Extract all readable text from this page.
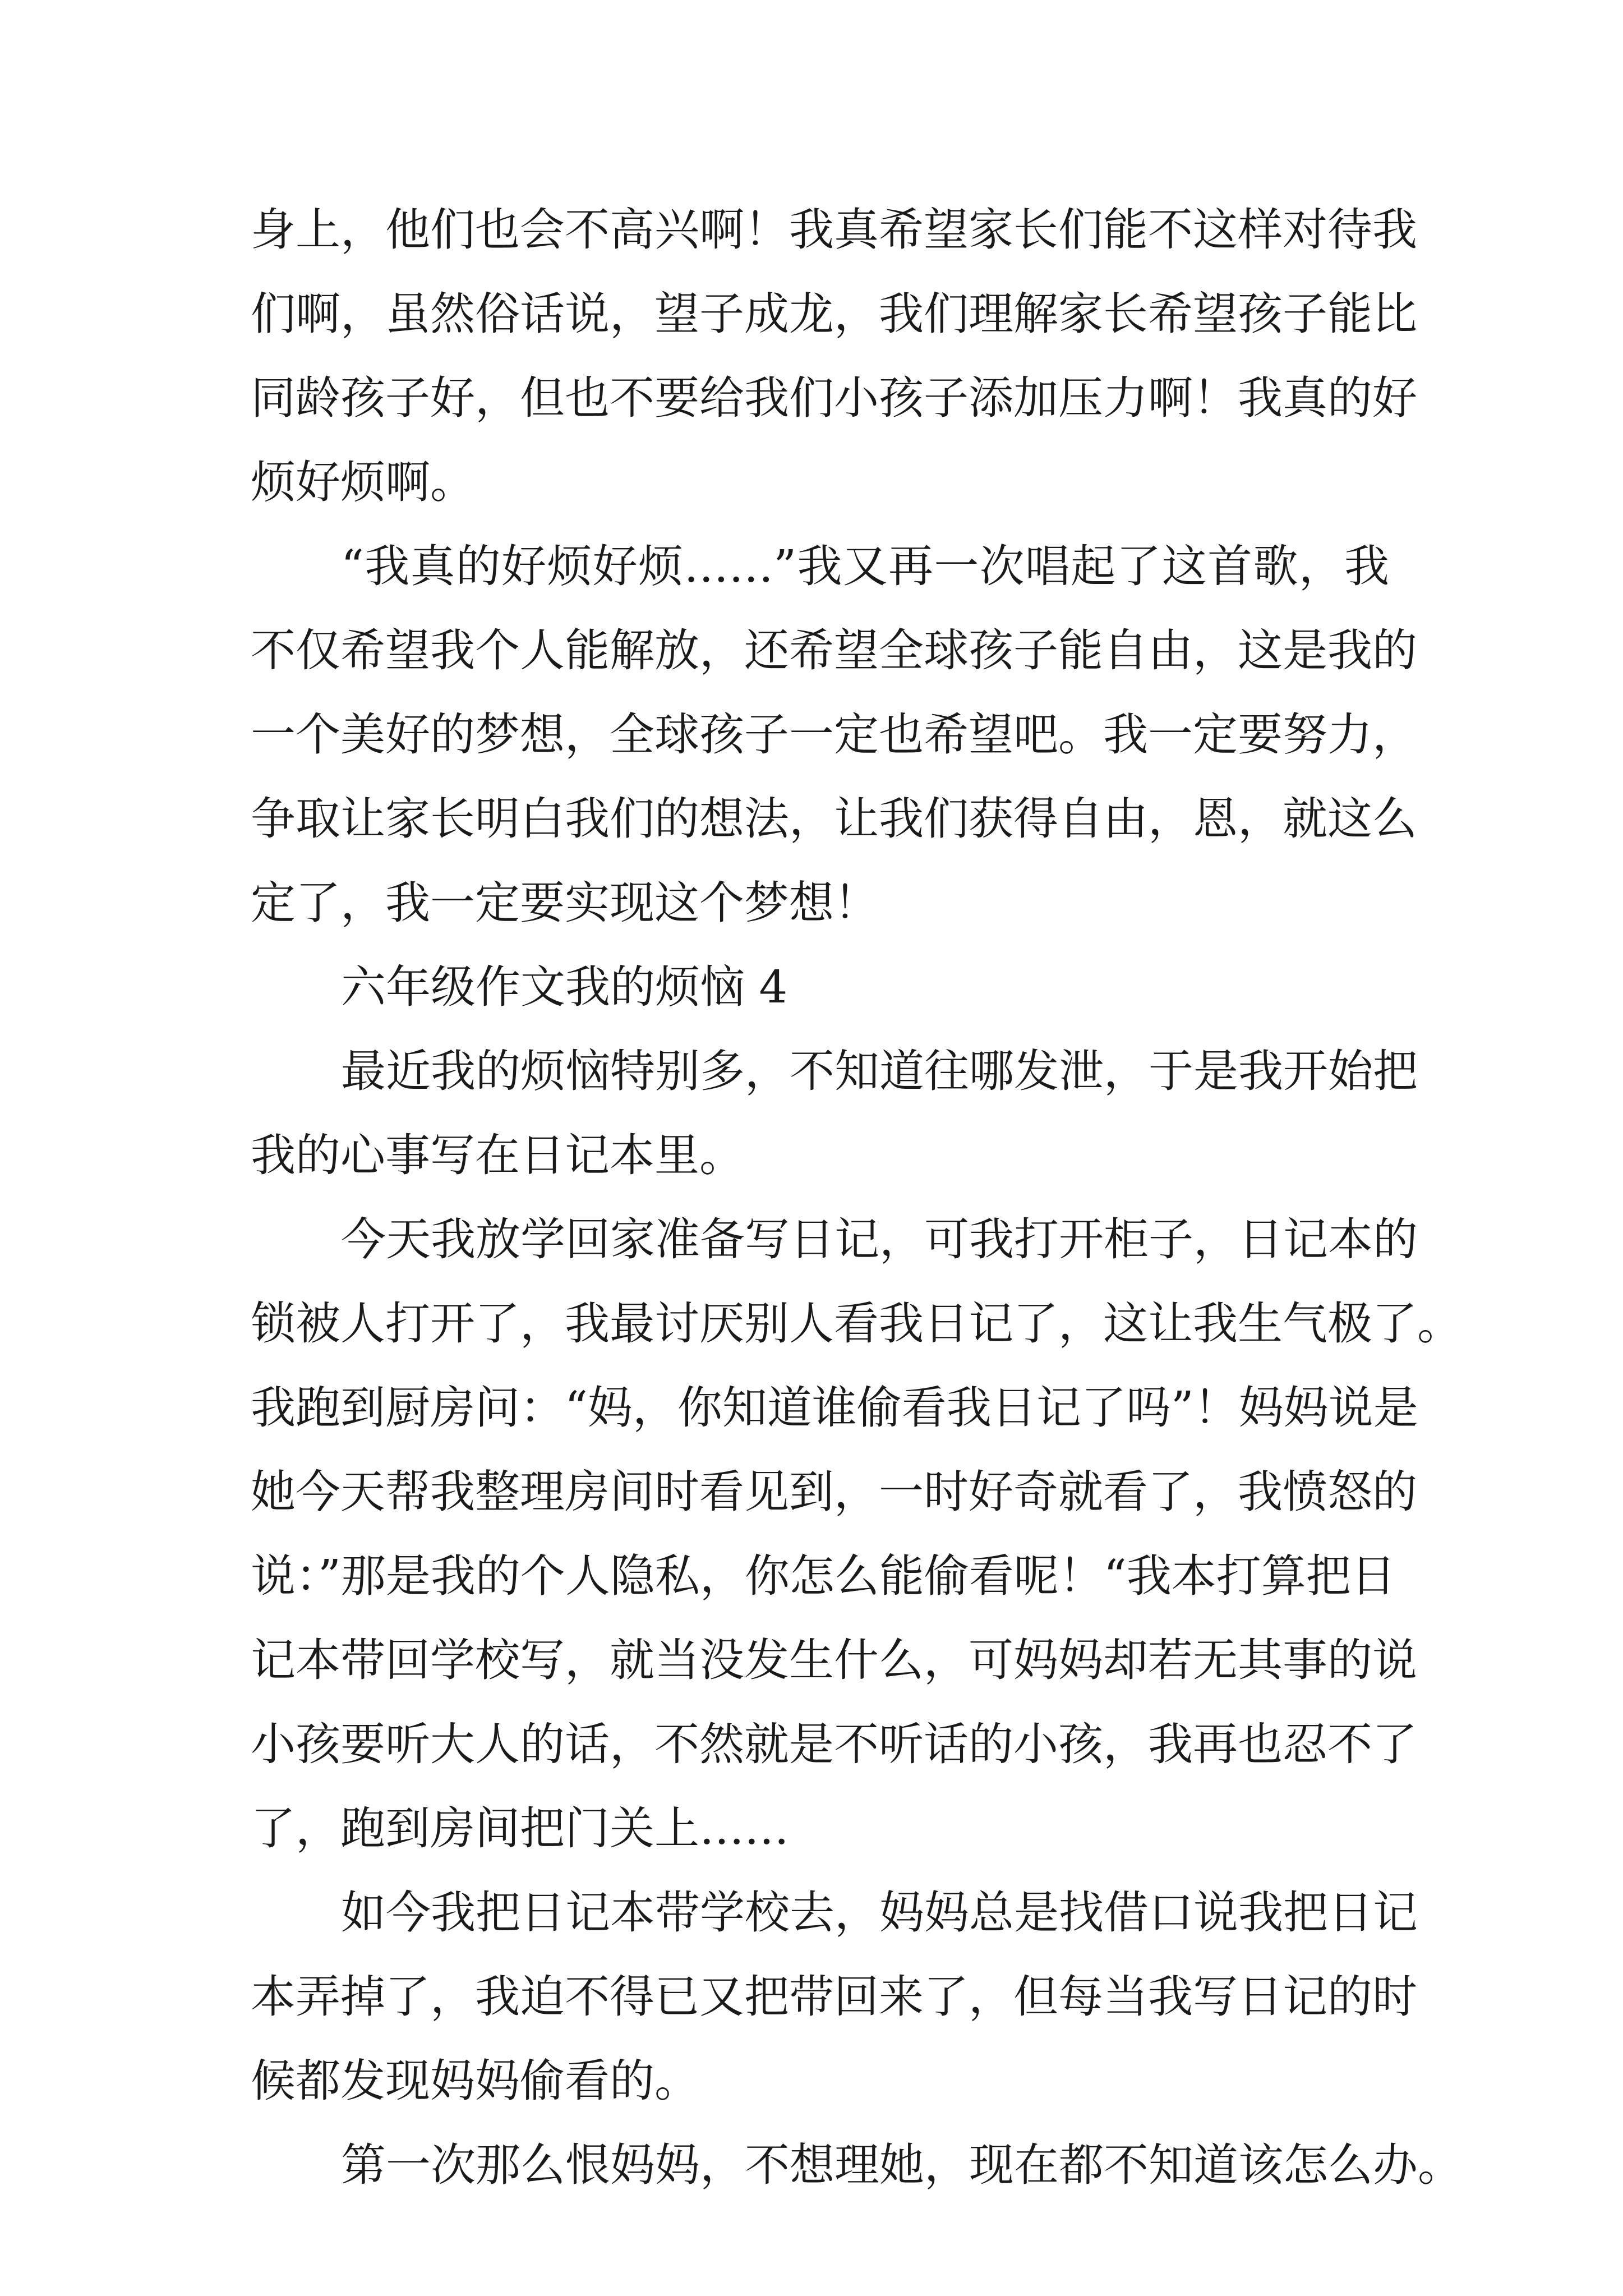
身上，他们也会不高兴啊！我真希望家长们能不这样对待我
们啊，虽然俗话说，望子成龙，我们理解家长希望孩子能比
同龄孩子好，但也不要给我们小孩子添加压力啊！我真的好
烦好烦啊。
“我真的好烦好烦……”我又再一次唱起了这首歌，我
不仅希望我个人能解放，还希望全球孩子能自由，这是我的
一个美好的梦想，全球孩子一定也希望吧。我一定要努力，
争取让家长明白我们的想法，让我们获得自由，恩，就这么
定了，我一定要实现这个梦想！
六年级作文我的烦恼 4
最近我的烦恼特别多，不知道往哪发泄，于是我开始把
我的心事写在日记本里。
今天我放学回家准备写日记，可我打开柜子，日记本的
锁被人打开了，我最讨厌别人看我日记了，这让我生气极了。
我跑到厨房问：“妈，你知道谁偷看我日记了吗”！妈妈说是
她今天帮我整理房间时看见到，一时好奇就看了，我愤怒的
说：”那是我的个人隐私，你怎么能偷看呢！“我本打算把日
记本带回学校写，就当没发生什么，可妈妈却若无其事的说
小孩要听大人的话，不然就是不听话的小孩，我再也忍不了
了，跑到房间把门关上……
如今我把日记本带学校去，妈妈总是找借口说我把日记
本弄掉了，我迫不得已又把带回来了，但每当我写日记的时
候都发现妈妈偷看的。
第一次那么恨妈妈，不想理她，现在都不知道该怎么办。
